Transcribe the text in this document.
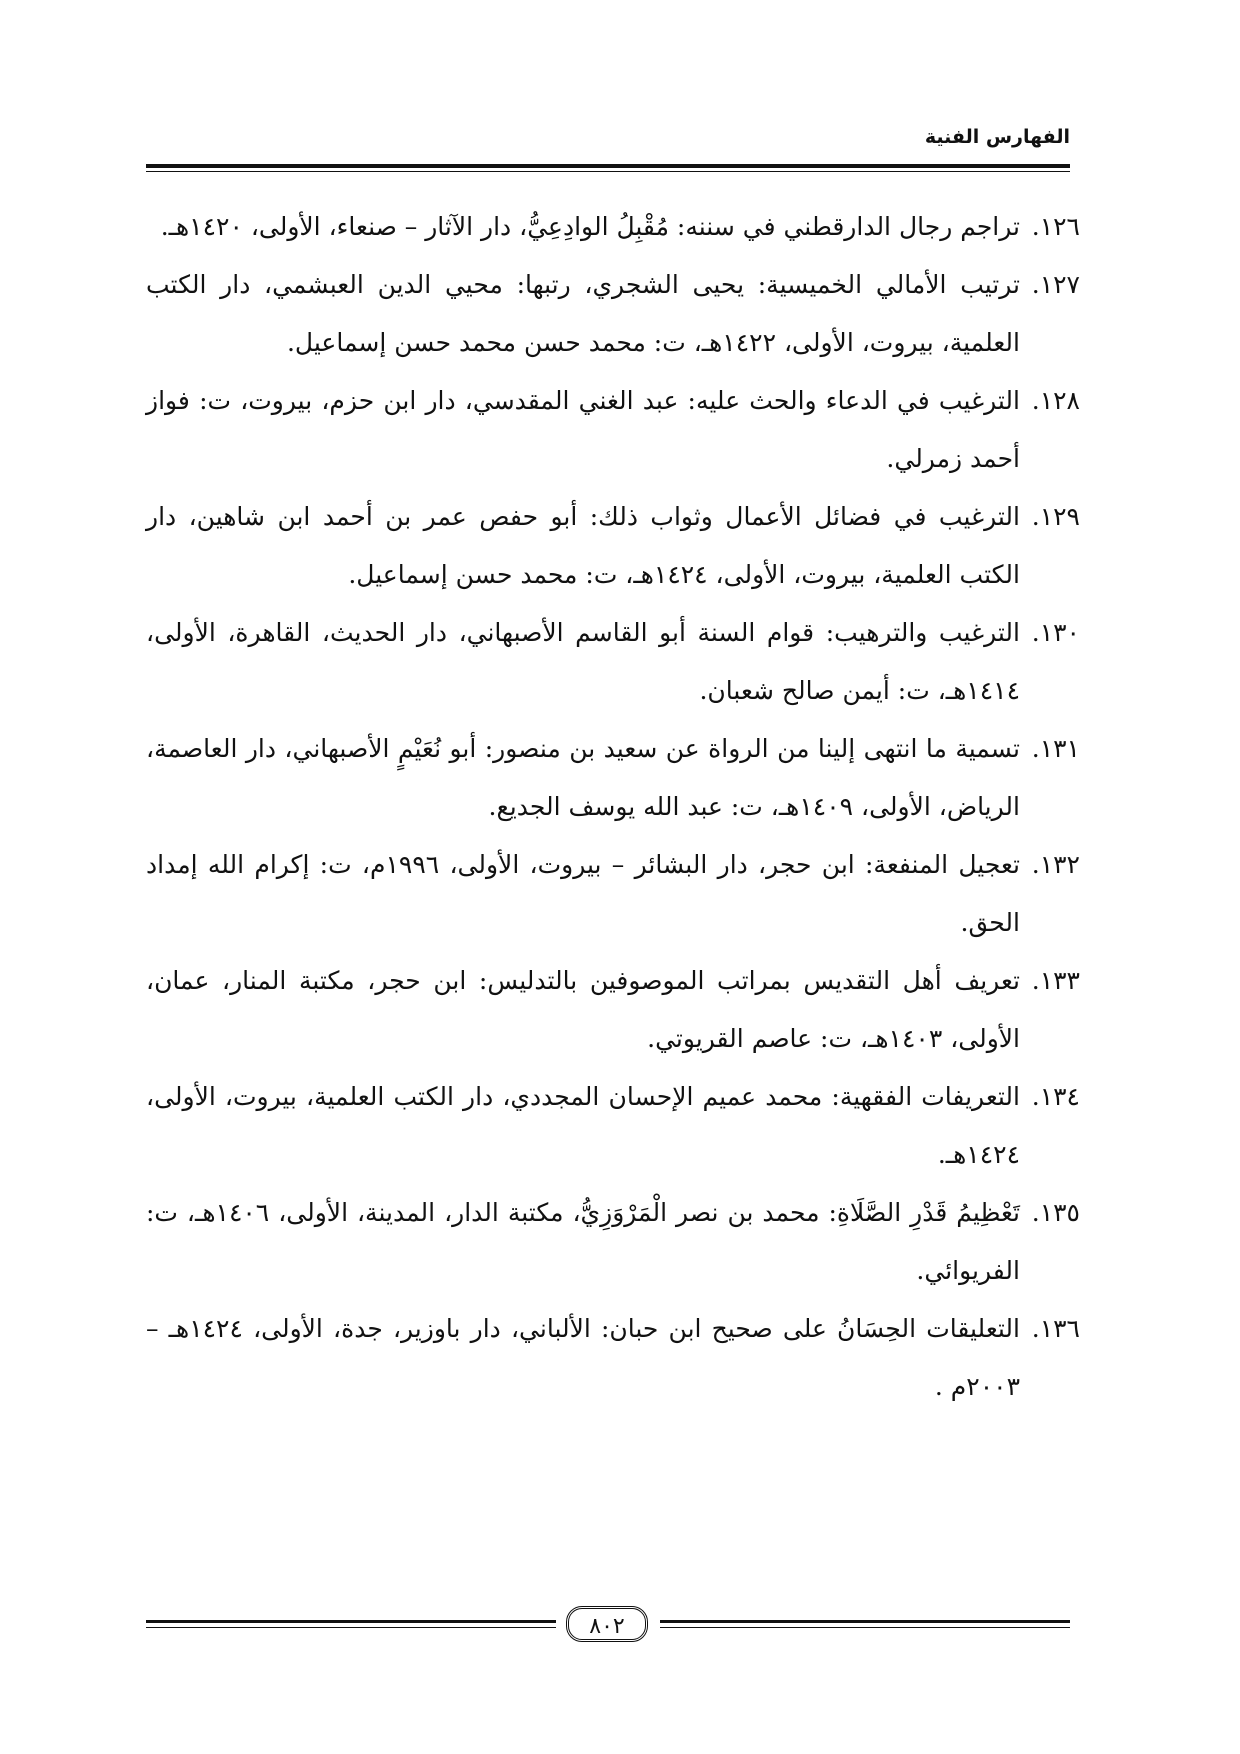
الفهارس الفنية
١٢٦.
تراجم رجال الدارقطني في سننه: مُقْبِلُ الوادِعِيُّ، دار الآثار – صنعاء، الأولى، ١٤٢٠هـ.
١٢٧.
ترتيب الأمالي الخميسية: يحيى الشجري، رتبها: محيي الدين العبشمي، دار الكتب العلمية، بيروت، الأولى، ١٤٢٢هـ، ت: محمد حسن محمد حسن إسماعيل.
١٢٨.
الترغيب في الدعاء والحث عليه: عبد الغني المقدسي، دار ابن حزم، بيروت، ت: فواز أحمد زمرلي.
١٢٩.
الترغيب في فضائل الأعمال وثواب ذلك: أبو حفص عمر بن أحمد ابن شاهين، دار الكتب العلمية، بيروت، الأولى، ١٤٢٤هـ، ت: محمد حسن إسماعيل.
١٣٠.
الترغيب والترهيب: قوام السنة أبو القاسم الأصبهاني، دار الحديث، القاهرة، الأولى، ١٤١٤هـ، ت: أيمن صالح شعبان.
١٣١.
تسمية ما انتهى إلينا من الرواة عن سعيد بن منصور: أبو نُعَيْمٍ الأصبهاني، دار العاصمة، الرياض، الأولى، ١٤٠٩هـ، ت: عبد الله يوسف الجديع.
١٣٢.
تعجيل المنفعة: ابن حجر، دار البشائر – بيروت، الأولى، ١٩٩٦م، ت: إكرام الله إمداد الحق.
١٣٣.
تعريف أهل التقديس بمراتب الموصوفين بالتدليس: ابن حجر، مكتبة المنار، عمان، الأولى، ١٤٠٣هـ، ت: عاصم القريوتي.
١٣٤.
التعريفات الفقهية: محمد عميم الإحسان المجددي، دار الكتب العلمية، بيروت، الأولى، ١٤٢٤هـ.
١٣٥.
تَعْظِيمُ قَدْرِ الصَّلَاةِ: محمد بن نصر الْمَرْوَزِيُّ، مكتبة الدار، المدينة، الأولى، ١٤٠٦هـ، ت: الفريوائي.
١٣٦.
التعليقات الحِسَانُ على صحيح ابن حبان: الألباني، دار باوزير، جدة، الأولى، ١٤٢٤هـ – ٢٠٠٣م .
٨٠٢
